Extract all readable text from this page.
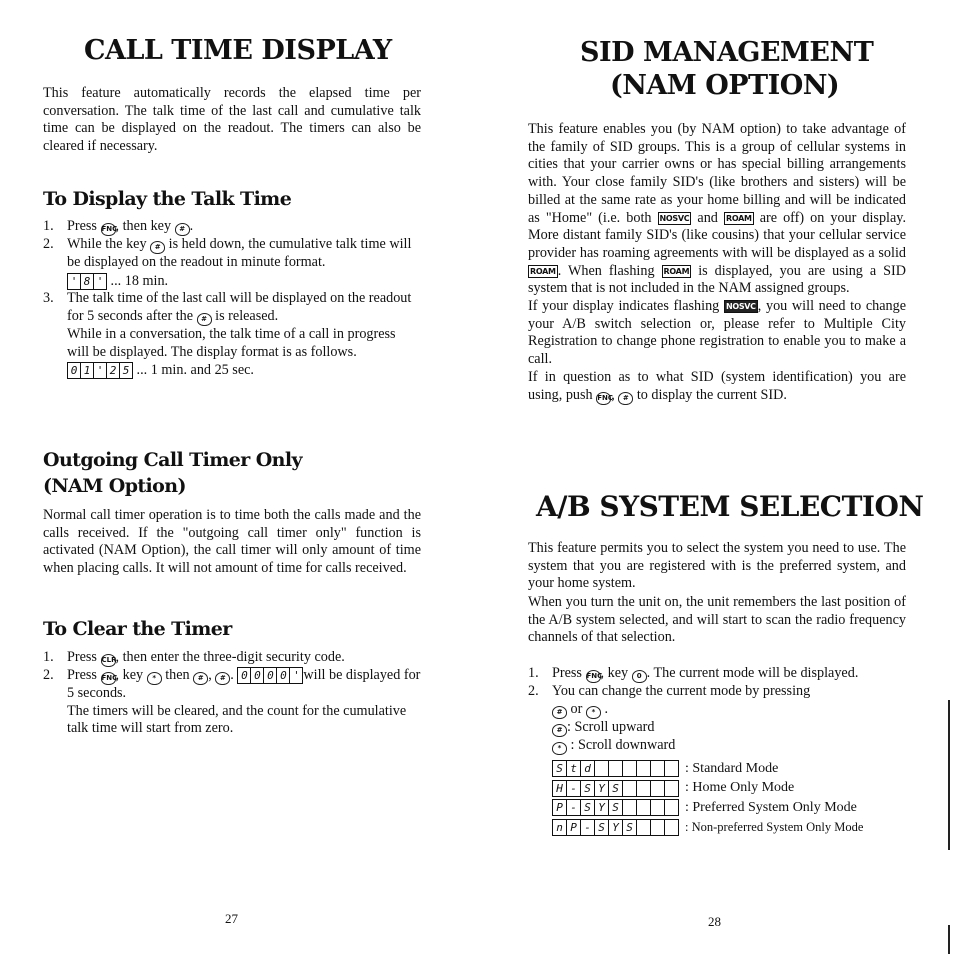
CALL TIME DISPLAY

This feature automatically records the elapsed time per conversation. The talk time of the last call and cumulative talk time can be displayed on the readout. The timers can also be cleared if necessary.

To Display the Talk Time
1. Press FNC, then key # .
2. While the key # is held down, the cumulative talk time will be displayed on the readout in minute format.
' 8 ' ... 18 min.
3. The talk time of the last call will be displayed on the readout for 5 seconds after the # is released.
While in a conversation, the talk time of a call in progress will be displayed. The display format is as follows.
0 1 ' 2 5 ... 1 min. and 25 sec.
Outgoing Call Timer Only
(NAM Option)

Normal call timer operation is to time both the calls made and the calls received. If the "outgoing call timer only" function is activated (NAM Option), the call timer will only amount of time when placing calls. It will not amount of time for calls received.

To Clear the Timer
1. Press CLR, then enter the three-digit security code.
2. Press FNC, key * then # , # . 0 0 0 0 ' will be displayed for 5 seconds.
The timers will be cleared, and the count for the cumulative talk time will start from zero.
27
SID MANAGEMENT
(NAM OPTION)

This feature enables you (by NAM option) to take advantage of the family of SID groups. This is a group of cellular systems in cities that your carrier owns or has special billing arrangements with. Your close family SID's (like brothers and sisters) will be billed at the same rate as your home billing and will be indicated as "Home" (i.e. both NOSVC and ROAM are off) on your display. More distant family SID's (like cousins) that your cellular service provider has roaming agreements with will be displayed as a solid ROAM . When flashing ROAM is displayed, you are using a SID system that is not included in the NAM assigned groups.

If your display indicates flashing NOSVC , you will need to change your A/B switch selection or, please refer to Multiple City Registration to change phone registration to enable you to make a call.

If in question as to what SID (system identification) you are using, push FNC, # to display the current SID.

A/B SYSTEM SELECTION

This feature permits you to select the system you need to use. The system that you are registered with is the preferred system, and your home system.

When you turn the unit on, the unit remembers the last position of the A/B system selected, and will start to scan the radio frequency channels of that selection.

1. Press FNC, key 0 . The current mode will be displayed.
2. You can change the current mode by pressing
# or * .
# : Scroll upward
* : Scroll downward
S t d	: Standard Mode
H - S Y S	: Home Only Mode
P - S Y S	: Preferred System Only Mode
n P - S Y S	: Non-preferred System Only Mode
28
